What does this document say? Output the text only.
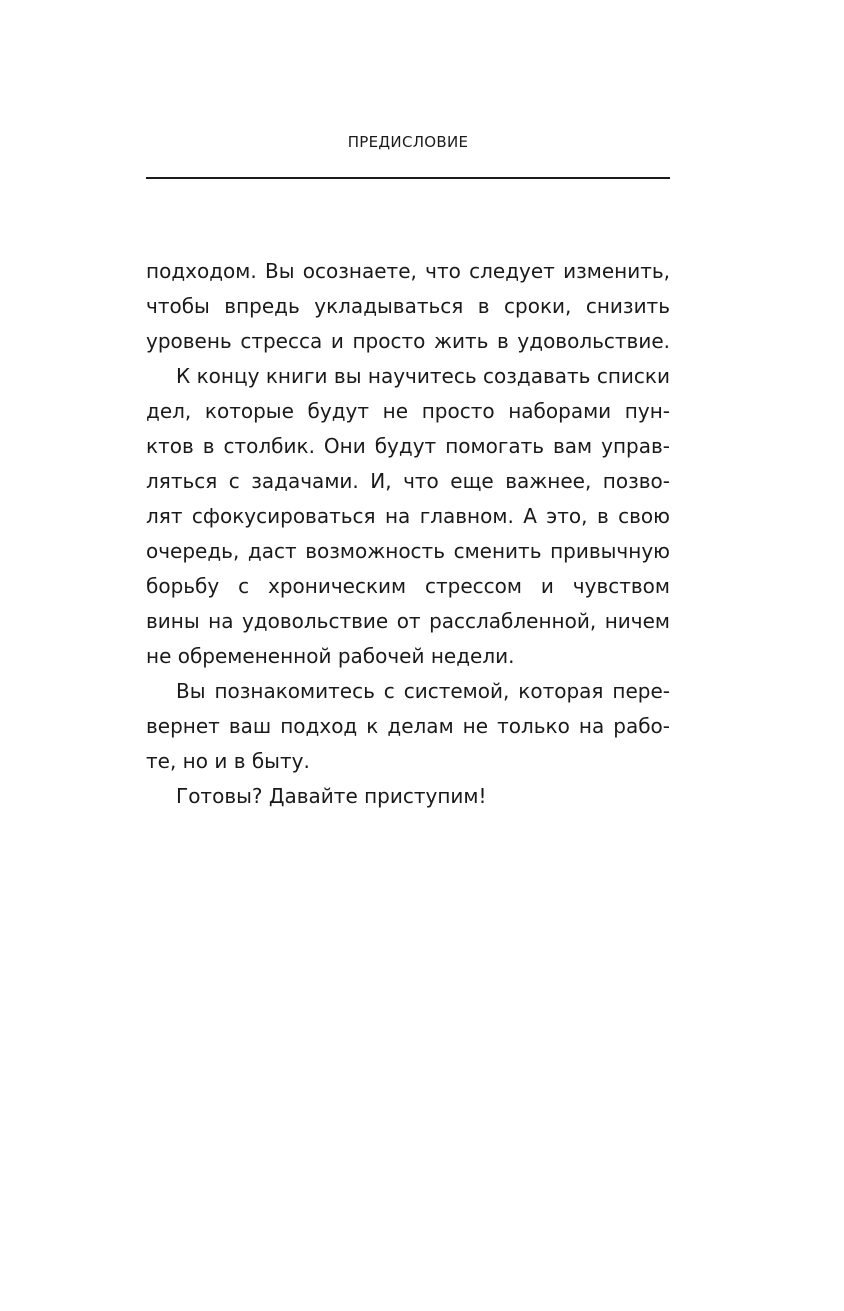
ПРЕДИСЛОВИЕ
подходом. Вы осознаете, что следует изменить,
чтобы впредь укладываться в сроки, снизить
уровень стресса и просто жить в удовольствие.
К концу книги вы научитесь создавать списки
дел, которые будут не просто наборами пун-
ктов в столбик. Они будут помогать вам управ-
ляться с задачами. И, что еще важнее, позво-
лят сфокусироваться на главном. А это, в свою
очередь, даст возможность сменить привычную
борьбу с хроническим стрессом и чувством
вины на удовольствие от расслабленной, ничем
не обремененной рабочей недели.
Вы познакомитесь с системой, которая пере-
вернет ваш подход к делам не только на рабо-
те, но и в быту.
Готовы? Давайте приступим!
